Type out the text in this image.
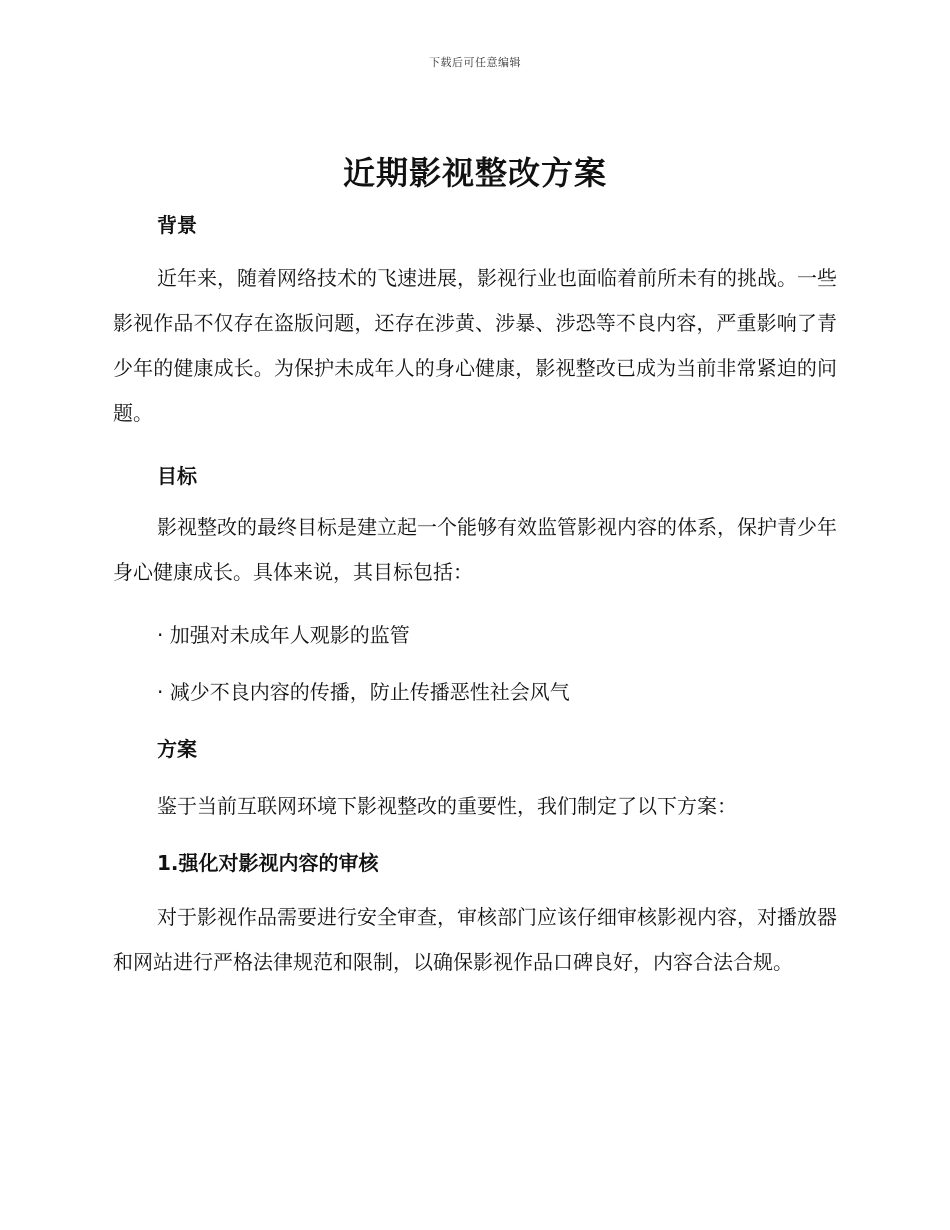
下载后可任意编辑
近期影视整改方案
背景

近年来，随着网络技术的飞速进展，影视行业也面临着前所未有的挑战。一些影视作品不仅存在盗版问题，还存在涉黄、涉暴、涉恐等不良内容，严重影响了青少年的健康成长。为保护未成年人的身心健康，影视整改已成为当前非常紧迫的问题。

目标

影视整改的最终目标是建立起一个能够有效监管影视内容的体系，保护青少年身心健康成长。具体来说，其目标包括：

· 加强对未成年人观影的监管
· 减少不良内容的传播，防止传播恶性社会风气
方案
鉴于当前互联网环境下影视整改的重要性，我们制定了以下方案：
1.强化对影视内容的审核

对于影视作品需要进行安全审查，审核部门应该仔细审核影视内容，对播放器和网站进行严格法律规范和限制，以确保影视作品口碑良好，内容合法合规。
